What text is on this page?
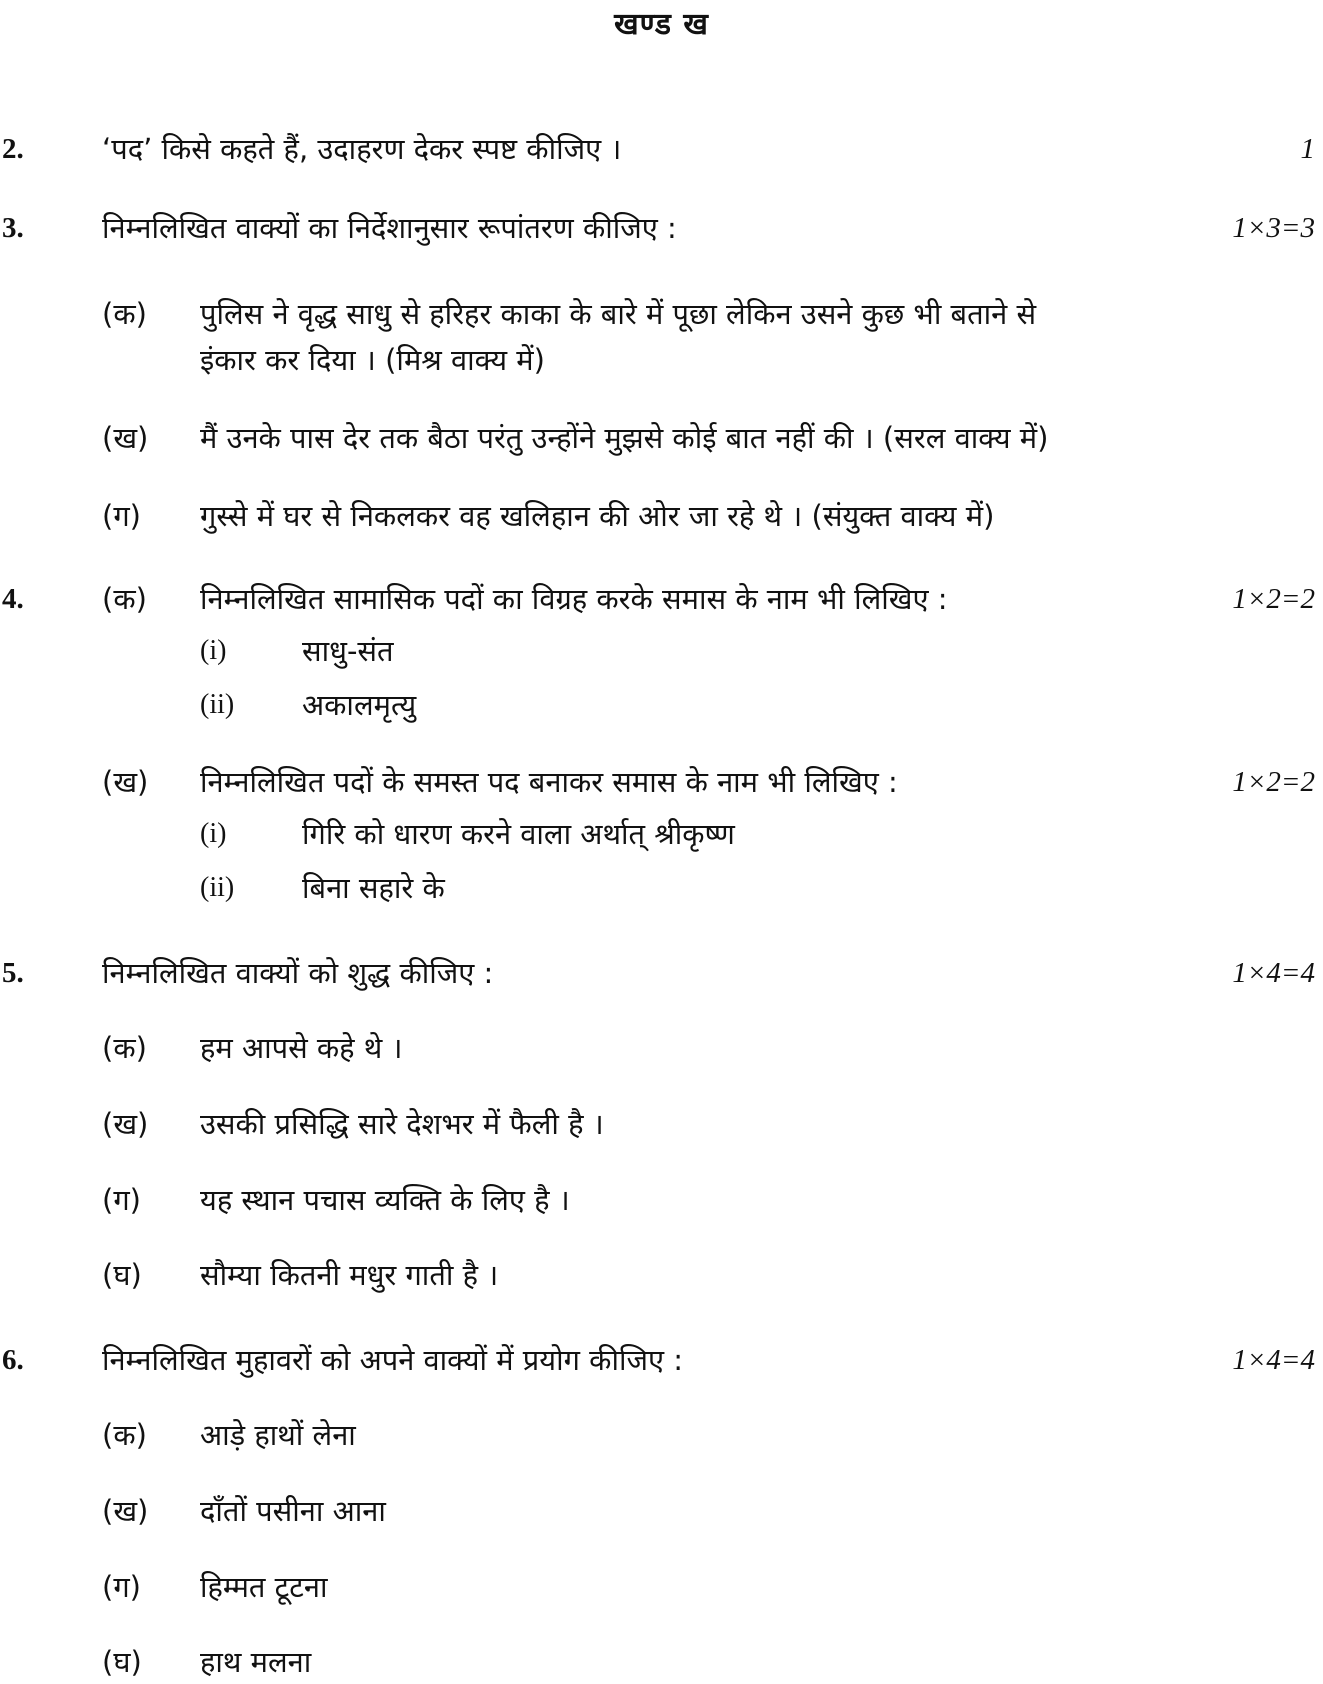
खण्ड ख
2.	‘पद’ किसे कहते हैं, उदाहरण देकर स्पष्ट कीजिए ।	1
3.	निम्नलिखित वाक्यों का निर्देशानुसार रूपांतरण कीजिए :	1×3=3
(क) पुलिस ने वृद्ध साधु से हरिहर काका के बारे में पूछा लेकिन उसने कुछ भी बताने से
इंकार कर दिया । (मिश्र वाक्य में)
(ख) मैं उनके पास देर तक बैठा परंतु उन्होंने मुझसे कोई बात नहीं की । (सरल वाक्य में)
(ग) गुस्से में घर से निकलकर वह खलिहान की ओर जा रहे थे । (संयुक्त वाक्य में)
4.	(क) निम्नलिखित सामासिक पदों का विग्रह करके समास के नाम भी लिखिए :	1×2=2
(i)	साधु-संत
(ii) अकालमृत्यु
(ख) निम्नलिखित पदों के समस्त पद बनाकर समास के नाम भी लिखिए :	1×2=2
(i)	गिरि को धारण करने वाला अर्थात् श्रीकृष्ण
(ii) बिना सहारे के
5.	निम्नलिखित वाक्यों को शुद्ध कीजिए :	1×4=4
(क) हम आपसे कहे थे ।
(ख) उसकी प्रसिद्धि सारे देशभर में फैली है ।
(ग) यह स्थान पचास व्यक्ति के लिए है ।
(घ) सौम्या कितनी मधुर गाती है ।
6.	निम्नलिखित मुहावरों को अपने वाक्यों में प्रयोग कीजिए :	1×4=4
(क) आड़े हाथों लेना
(ख) दाँतों पसीना आना
(ग) हिम्मत टूटना
(घ) हाथ मलना
